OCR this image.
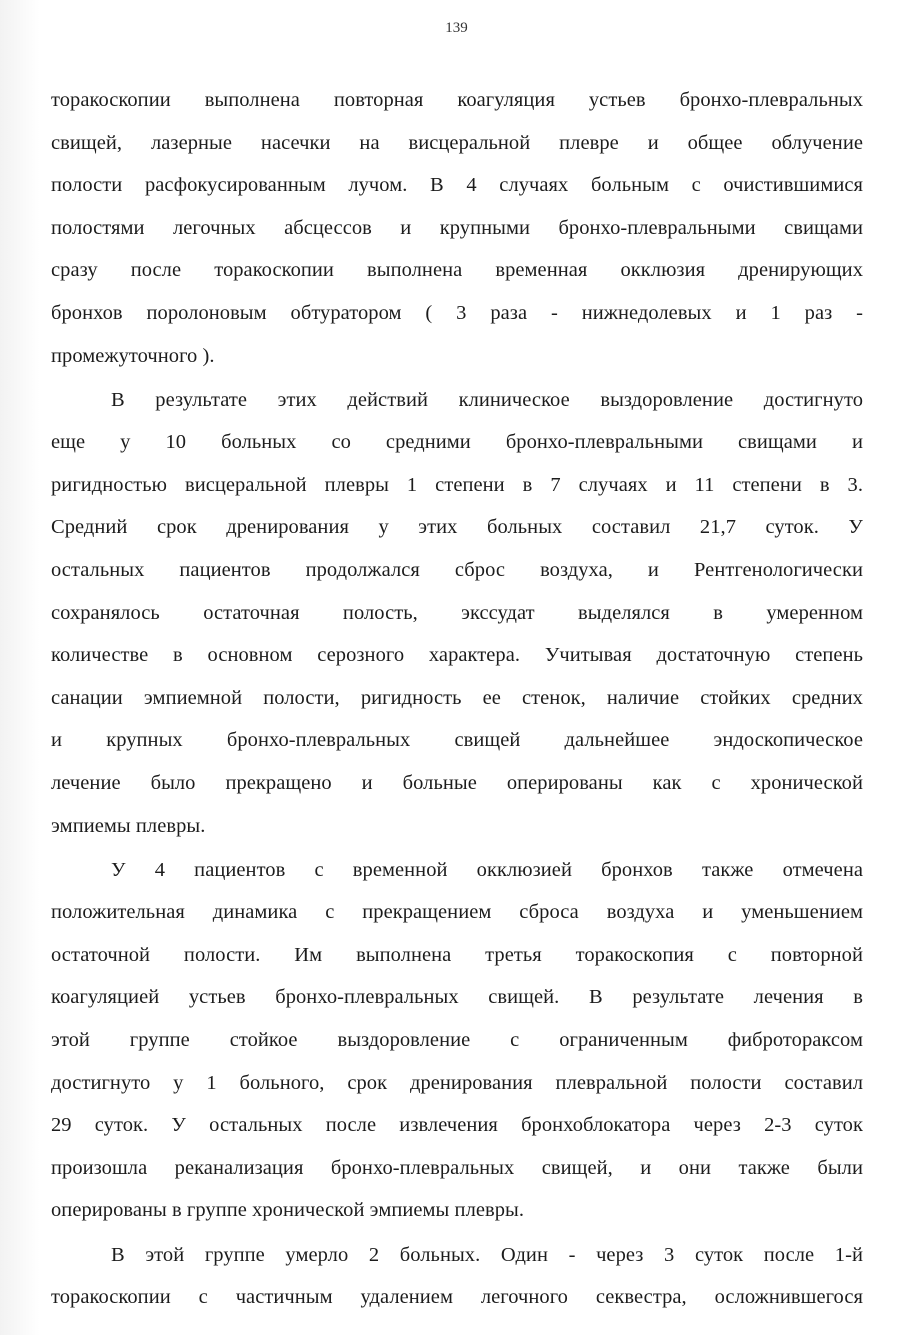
139

торакоскопии выполнена повторная коагуляция устьев бронхо-плевральных

свищей, лазерные насечки на висцеральной плевре и общее облучение

полости расфокусированным лучом. В 4 случаях больным с очистившимися

полостями легочных абсцессов и крупными бронхо-плевральными свищами

сразу после торакоскопии выполнена временная окклюзия дренирующих

бронхов поролоновым обтуратором ( 3 раза - нижнедолевых и 1 раз -

промежуточного ).

В результате этих действий клиническое выздоровление достигнуто

еще у 10 больных со средними бронхо-плевральными свищами и

ригидностью висцеральной плевры 1 степени в 7 случаях и 11 степени в 3.

Средний срок дренирования у этих больных составил 21,7 суток. У

остальных пациентов продолжался сброс воздуха, и Рентгенологически

сохранялось остаточная полость, экссудат выделялся в умеренном

количестве в основном серозного характера. Учитывая достаточную степень

санации эмпиемной полости, ригидность ее стенок, наличие стойких средних

и крупных бронхо-плевральных свищей дальнейшее эндоскопическое

лечение было прекращено и больные оперированы как с хронической

эмпиемы плевры.

У 4 пациентов с временной окклюзией бронхов также отмечена

положительная динамика с прекращением сброса воздуха и уменьшением

остаточной полости. Им выполнена третья торакоскопия с повторной

коагуляцией устьев бронхо-плевральных свищей. В результате лечения в

этой группе стойкое выздоровление с ограниченным фибротораксом

достигнуто у 1 больного, срок дренирования плевральной полости составил

29 суток. У остальных после извлечения бронхоблокатора через 2-3 суток

произошла реканализация бронхо-плевральных свищей, и они также были

оперированы в группе хронической эмпиемы плевры.

В этой группе умерло 2 больных. Один - через 3 суток после 1-й

торакоскопии с частичным удалением легочного секвестра, осложнившегося
